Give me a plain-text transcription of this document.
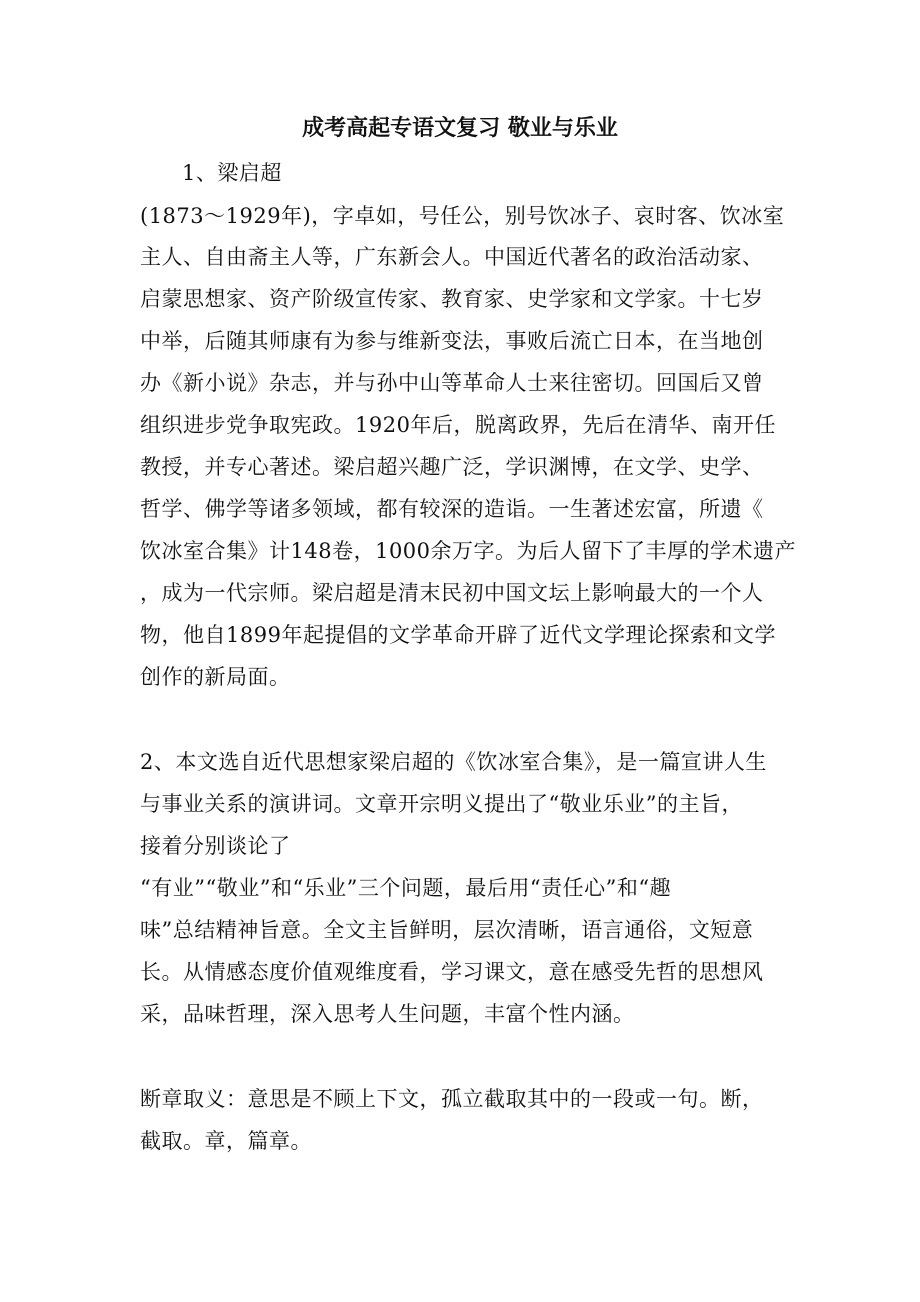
成考高起专语文复习 敬业与乐业
1、梁启超
(1873～1929年)，字卓如，号任公，别号饮冰子、哀时客、饮冰室
主人、自由斋主人等，广东新会人。中国近代著名的政治活动家、
启蒙思想家、资产阶级宣传家、教育家、史学家和文学家。十七岁
中举，后随其师康有为参与维新变法，事败后流亡日本，在当地创
办《新小说》杂志，并与孙中山等革命人士来往密切。回国后又曾
组织进步党争取宪政。1920年后，脱离政界，先后在清华、南开任
教授，并专心著述。梁启超兴趣广泛，学识渊博，在文学、史学、
哲学、佛学等诸多领域，都有较深的造诣。一生著述宏富，所遗《
饮冰室合集》计148卷，1000余万字。为后人留下了丰厚的学术遗产
，成为一代宗师。梁启超是清末民初中国文坛上影响最大的一个人
物，他自1899年起提倡的文学革命开辟了近代文学理论探索和文学
创作的新局面。
2、本文选自近代思想家梁启超的《饮冰室合集》，是一篇宣讲人生
与事业关系的演讲词。文章开宗明义提出了“敬业乐业”的主旨，
接着分别谈论了
“有业”“敬业”和“乐业”三个问题，最后用“责任心”和“趣
味”总结精神旨意。全文主旨鲜明，层次清晰，语言通俗，文短意
长。从情感态度价值观维度看，学习课文，意在感受先哲的思想风
采，品味哲理，深入思考人生问题，丰富个性内涵。
断章取义：意思是不顾上下文，孤立截取其中的一段或一句。断，
截取。章，篇章。
